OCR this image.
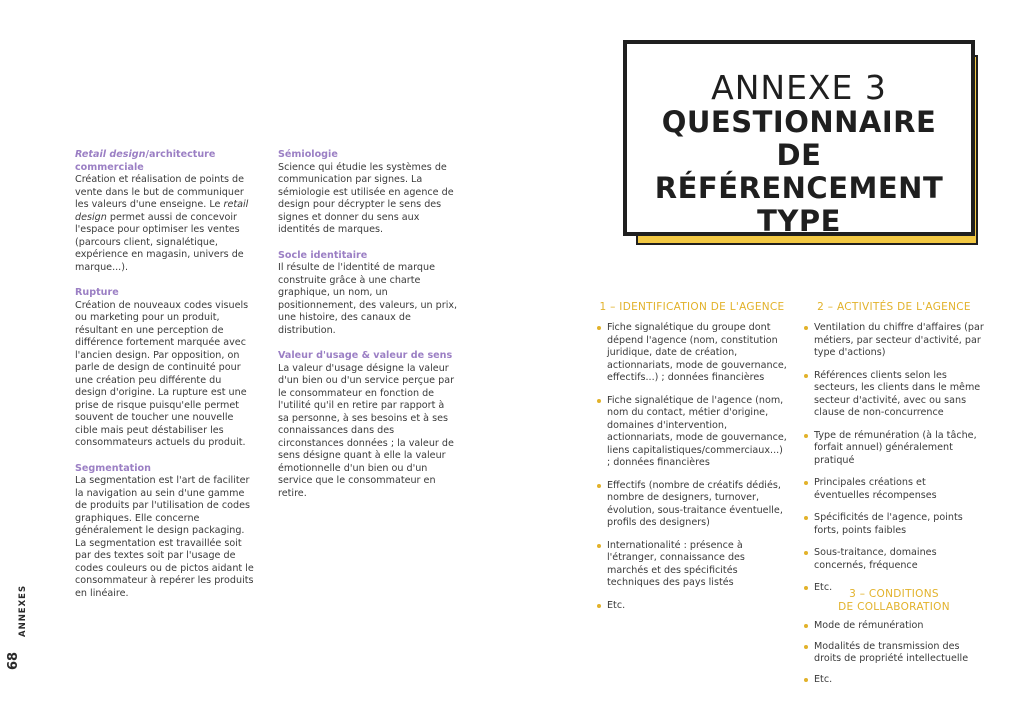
Retail design/architecture commerciale
Création et réalisation de points de vente dans le but de communiquer les valeurs d'une enseigne. Le retail design permet aussi de concevoir l'espace pour optimiser les ventes (parcours client, signalétique, expérience en magasin, univers de marque...).
Rupture
Création de nouveaux codes visuels ou marketing pour un produit, résultant en une perception de différence fortement marquée avec l'ancien design. Par opposition, on parle de design de continuité pour une création peu différente du design d'origine. La rupture est une prise de risque puisqu'elle permet souvent de toucher une nouvelle cible mais peut déstabiliser les consommateurs actuels du produit.
Segmentation
La segmentation est l'art de faciliter la navigation au sein d'une gamme de produits par l'utilisation de codes graphiques. Elle concerne généralement le design packaging. La segmentation est travaillée soit par des textes soit par l'usage de codes couleurs ou de pictos aidant le consommateur à repérer les produits en linéaire.
Sémiologie
Science qui étudie les systèmes de communication par signes. La sémiologie est utilisée en agence de design pour décrypter le sens des signes et donner du sens aux identités de marques.
Socle identitaire
Il résulte de l'identité de marque construite grâce à une charte graphique, un nom, un positionnement, des valeurs, un prix, une histoire, des canaux de distribution.
Valeur d'usage & valeur de sens
La valeur d'usage désigne la valeur d'un bien ou d'un service perçue par le consommateur en fonction de l'utilité qu'il en retire par rapport à sa personne, à ses besoins et à ses connaissances dans des circonstances données ; la valeur de sens désigne quant à elle la valeur émotionnelle d'un bien ou d'un service que le consommateur en retire.
68
ANNEXES
ANNEXE 3
QUESTIONNAIRE DE RÉFÉRENCEMENT TYPE
1 – IDENTIFICATION DE L'AGENCE
Fiche signalétique du groupe dont dépend l'agence (nom, constitution juridique, date de création, actionnariats, mode de gouvernance, effectifs...) ; données financières
Fiche signalétique de l'agence (nom, nom du contact, métier d'origine, domaines d'intervention, actionnariats, mode de gouvernance, liens capitalistiques/commerciaux...) ; données financières
Effectifs (nombre de créatifs dédiés, nombre de designers, turnover, évolution, sous-traitance éventuelle, profils des designers)
Internationalité : présence à l'étranger, connaissance des marchés et des spécificités techniques des pays listés
Etc.
2 – ACTIVITÉS DE L'AGENCE
Ventilation du chiffre d'affaires (par métiers, par secteur d'activité, par type d'actions)
Références clients selon les secteurs, les clients dans le même secteur d'activité, avec ou sans clause de non-concurrence
Type de rémunération (à la tâche, forfait annuel) généralement pratiqué
Principales créations et éventuelles récompenses
Spécificités de l'agence, points forts, points faibles
Sous-traitance, domaines concernés, fréquence
Etc.
3 – CONDITIONS
DE COLLABORATION
Mode de rémunération
Modalités de transmission des droits de propriété intellectuelle
Etc.
